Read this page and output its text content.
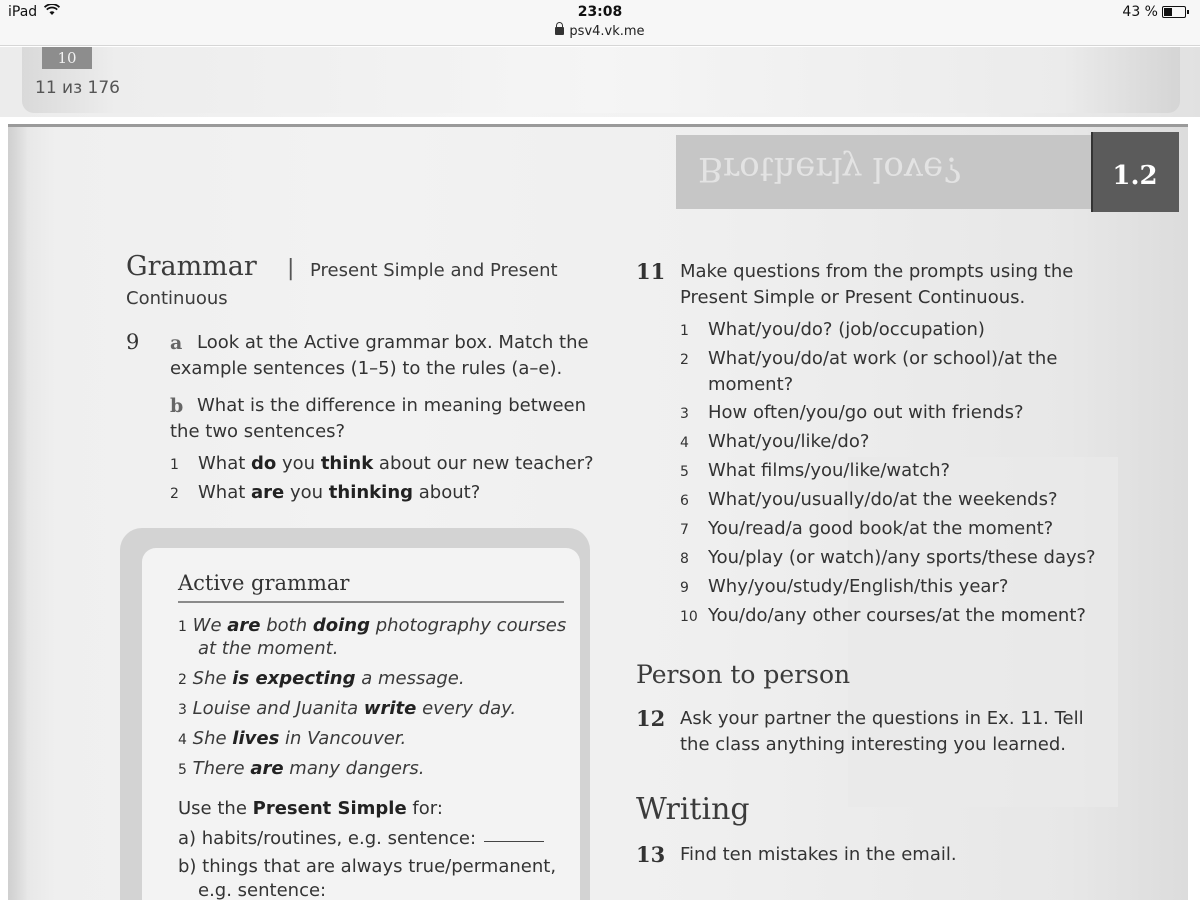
iPad	23:08
psv4.vk.me
43 %
10
11 из 176
Brotherly love?	1.2
Grammar | Present Simple and Present
Continuous
9 a Look at the Active grammar box. Match the
example sentences (1–5) to the rules (a–e).
b What is the difference in meaning between
the two sentences?
1 What do you think about our new teacher?
2 What are you thinking about?
Active grammar
1 We are both doing photography courses
at the moment.
2 She is expecting a message.
3 Louise and Juanita write every day.
4 She lives in Vancouver.
5 There are many dangers.
Use the Present Simple for:
a) habits/routines, e.g. sentence:
b) things that are always true/permanent,
e.g. sentence:
11 Make questions from the prompts using the
Present Simple or Present Continuous.
1 What/you/do? (job/occupation)
2 What/you/do/at work (or school)/at the
moment?
3 How often/you/go out with friends?
4 What/you/like/do?
5 What films/you/like/watch?
6 What/you/usually/do/at the weekends?
7 You/read/a good book/at the moment?
8 You/play (or watch)/any sports/these days?
9 Why/you/study/English/this year?
10 You/do/any other courses/at the moment?
Person to person
12 Ask your partner the questions in Ex. 11. Tell
the class anything interesting you learned.
Writing
13 Find ten mistakes in the email.
